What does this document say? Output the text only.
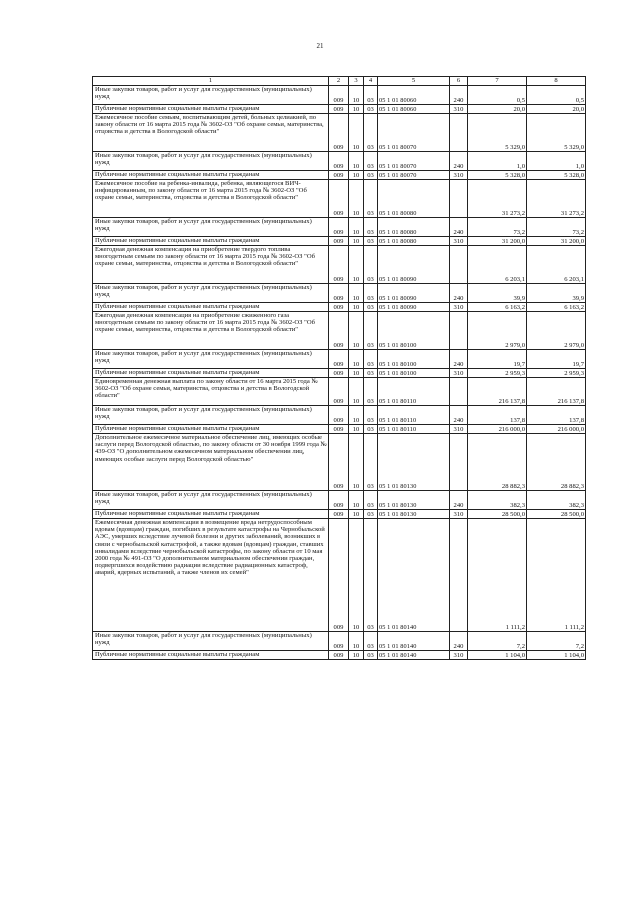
21
1	2	3	4	5	6	7	8
Иные закупки товаров, работ и услуг для государственных (муниципальных) нужд	009	10	03	05 1 01 80060	240	0,5	0,5
Публичные нормативные социальные выплаты гражданам	009	10	03	05 1 01 80060	310	20,0	20,0
Ежемесячное пособие семьям, воспитывающим детей, больных целиакией, по закону области от 16 марта 2015 года № 3602-ОЗ "Об охране семьи, материнства, отцовства и детства в Вологодской области"	009	10	03	05 1 01 80070		5 329,0	5 329,0
Иные закупки товаров, работ и услуг для государственных (муниципальных) нужд	009	10	03	05 1 01 80070	240	1,0	1,0
Публичные нормативные социальные выплаты гражданам	009	10	03	05 1 01 80070	310	5 328,0	5 328,0
Ежемесячное пособие на ребенка-инвалида, ребенка, являющегося ВИЧ-инфицированным, по закону области от 16 марта 2015 года № 3602-ОЗ "Об охране семьи, материнства, отцовства и детства в Вологодской области"	009	10	03	05 1 01 80080		31 273,2	31 273,2
Иные закупки товаров, работ и услуг для государственных (муниципальных) нужд	009	10	03	05 1 01 80080	240	73,2	73,2
Публичные нормативные социальные выплаты гражданам	009	10	03	05 1 01 80080	310	31 200,0	31 200,0
Ежегодная денежная компенсация на приобретение твердого топлива многодетным семьям по закону области от 16 марта 2015 года № 3602-ОЗ "Об охране семьи, материнства, отцовства и детства в Вологодской области"	009	10	03	05 1 01 80090		6 203,1	6 203,1
Иные закупки товаров, работ и услуг для государственных (муниципальных) нужд	009	10	03	05 1 01 80090	240	39,9	39,9
Публичные нормативные социальные выплаты гражданам	009	10	03	05 1 01 80090	310	6 163,2	6 163,2
Ежегодная денежная компенсация на приобретение сжиженного газа многодетным семьям по закону области от 16 марта 2015 года № 3602-ОЗ "Об охране семьи, материнства, отцовства и детства в Вологодской области"	009	10	03	05 1 01 80100		2 979,0	2 979,0
Иные закупки товаров, работ и услуг для государственных (муниципальных) нужд	009	10	03	05 1 01 80100	240	19,7	19,7
Публичные нормативные социальные выплаты гражданам	009	10	03	05 1 01 80100	310	2 959,3	2 959,3
Единовременная денежная выплата по закону области от 16 марта 2015 года № 3602-ОЗ "Об охране семьи, материнства, отцовства и детства в Вологодской области"	009	10	03	05 1 01 80110		216 137,8	216 137,8
Иные закупки товаров, работ и услуг для государственных (муниципальных) нужд	009	10	03	05 1 01 80110	240	137,8	137,8
Публичные нормативные социальные выплаты гражданам	009	10	03	05 1 01 80110	310	216 000,0	216 000,0
Дополнительное ежемесячное материальное обеспечение лиц, имеющих особые заслуги перед Вологодской областью, по закону области от 30 ноября 1999 года № 439-ОЗ "О дополнительном ежемесячном материальном обеспечении лиц, имеющих особые заслуги перед Вологодской областью"	009	10	03	05 1 01 80130		28 882,3	28 882,3
Иные закупки товаров, работ и услуг для государственных (муниципальных) нужд	009	10	03	05 1 01 80130	240	382,3	382,3
Публичные нормативные социальные выплаты гражданам	009	10	03	05 1 01 80130	310	28 500,0	28 500,0
Ежемесячная денежная компенсация в возмещение вреда нетрудоспособным вдовам (вдовцам) граждан, погибших в результате катастрофы на Чернобыльской АЭС, умерших вследствие лучевой болезни и других заболеваний, возникших в связи с чернобыльской катастрофой, а также вдовам (вдовцам) граждан, ставших инвалидами вследствие чернобыльской катастрофы, по закону области от 10 мая 2000 года № 491-ОЗ "О дополнительном материальном обеспечении граждан, подвергшихся воздействию радиации вследствие радиационных катастроф, аварий, ядерных испытаний, а также членов их семей"	009	10	03	05 1 01 80140		1 111,2	1 111,2
Иные закупки товаров, работ и услуг для государственных (муниципальных) нужд	009	10	03	05 1 01 80140	240	7,2	7,2
Публичные нормативные социальные выплаты гражданам	009	10	03	05 1 01 80140	310	1 104,0	1 104,0
